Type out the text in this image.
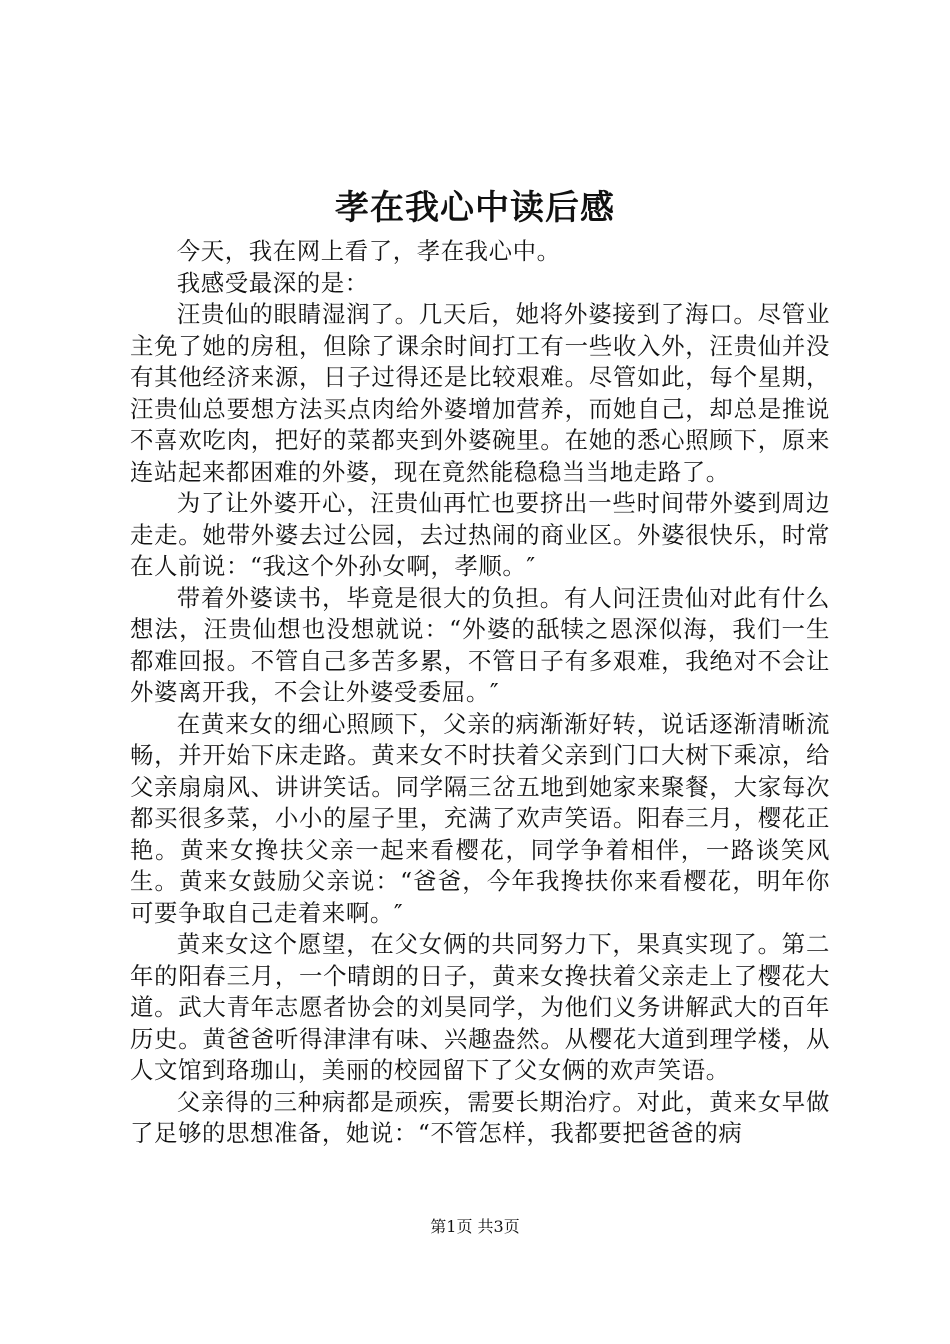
孝在我心中读后感

今天，我在网上看了，孝在我心中。

我感受最深的是：

汪贵仙的眼睛湿润了。几天后，她将外婆接到了海口。尽管业主免了她的房租，但除了课余时间打工有一些收入外，汪贵仙并没有其他经济来源，日子过得还是比较艰难。尽管如此，每个星期，汪贵仙总要想方法买点肉给外婆增加营养，而她自己，却总是推说不喜欢吃肉，把好的菜都夹到外婆碗里。在她的悉心照顾下，原来连站起来都困难的外婆，现在竟然能稳稳当当地走路了。

为了让外婆开心，汪贵仙再忙也要挤出一些时间带外婆到周边走走。她带外婆去过公园，去过热闹的商业区。外婆很快乐，时常在人前说：“我这个外孙女啊，孝顺。″

带着外婆读书，毕竟是很大的负担。有人问汪贵仙对此有什么想法，汪贵仙想也没想就说：“外婆的舐犊之恩深似海，我们一生都难回报。不管自己多苦多累，不管日子有多艰难，我绝对不会让外婆离开我，不会让外婆受委屈。″

在黄来女的细心照顾下，父亲的病渐渐好转，说话逐渐清晰流畅，并开始下床走路。黄来女不时扶着父亲到门口大树下乘凉，给父亲扇扇风、讲讲笑话。同学隔三岔五地到她家来聚餐，大家每次都买很多菜，小小的屋子里，充满了欢声笑语。阳春三月，樱花正艳。黄来女搀扶父亲一起来看樱花，同学争着相伴，一路谈笑风生。黄来女鼓励父亲说：“爸爸，今年我搀扶你来看樱花，明年你可要争取自己走着来啊。″

黄来女这个愿望，在父女俩的共同努力下，果真实现了。第二年的阳春三月，一个晴朗的日子，黄来女搀扶着父亲走上了樱花大道。武大青年志愿者协会的刘昊同学，为他们义务讲解武大的百年历史。黄爸爸听得津津有味、兴趣盎然。从樱花大道到理学楼，从人文馆到珞珈山，美丽的校园留下了父女俩的欢声笑语。

父亲得的三种病都是顽疾，需要长期治疗。对此，黄来女早做了足够的思想准备，她说：“不管怎样，我都要把爸爸的病

第1页 共3页
